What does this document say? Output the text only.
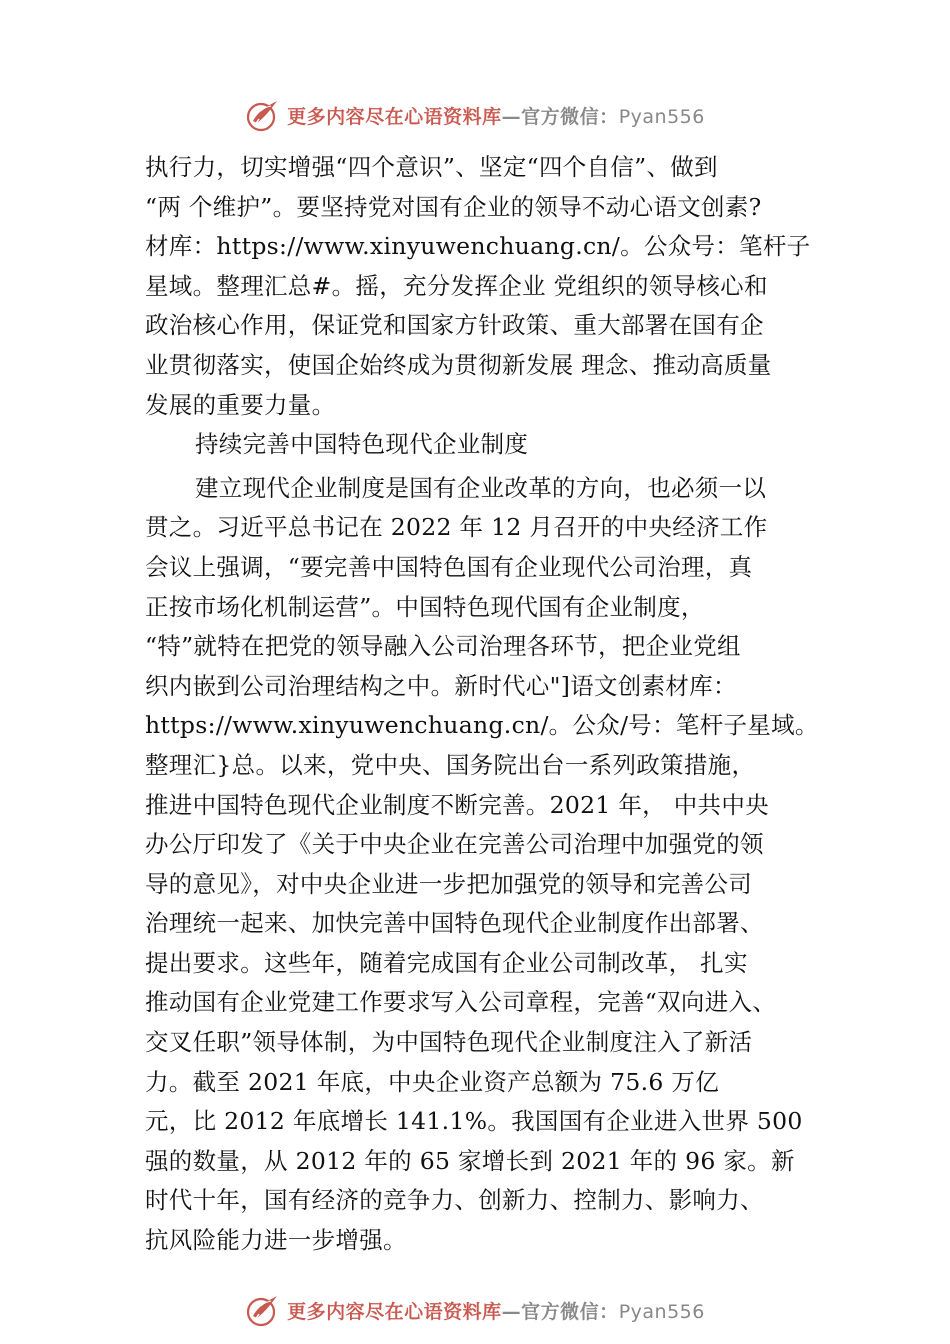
更多内容尽在心语资料库—官方微信：Pyan556
执行力，切实增强“四个意识”、坚定“四个自信”、做到
“两 个维护”。要坚持党对国有企业的领导不动心语文创素?
材库：https://www.xinyuwenchuang.cn/。公众号：笔杆子
星域。整理汇总#。摇，充分发挥企业 党组织的领导核心和
政治核心作用，保证党和国家方针政策、重大部署在国有企
业贯彻落实，使国企始终成为贯彻新发展 理念、推动高质量
发展的重要力量。
持续完善中国特色现代企业制度
建立现代企业制度是国有企业改革的方向，也必须一以
贯之。习近平总书记在 2022 年 12 月召开的中央经济工作
会议上强调，“要完善中国特色国有企业现代公司治理，真
正按市场化机制运营”。中国特色现代国有企业制度，
“特”就特在把党的领导融入公司治理各环节，把企业党组
织内嵌到公司治理结构之中。新时代心"]语文创素材库：
https://www.xinyuwenchuang.cn/。公众/号：笔杆子星域。
整理汇}总。以来，党中央、国务院出台一系列政策措施，
推进中国特色现代企业制度不断完善。2021 年， 中共中央
办公厅印发了《关于中央企业在完善公司治理中加强党的领
导的意见》，对中央企业进一步把加强党的领导和完善公司
治理统一起来、加快完善中国特色现代企业制度作出部署、
提出要求。这些年，随着完成国有企业公司制改革， 扎实
推动国有企业党建工作要求写入公司章程，完善“双向进入、
交叉任职”领导体制，为中国特色现代企业制度注入了新活
力。截至 2021 年底，中央企业资产总额为 75.6 万亿
元，比 2012 年底增长 141.1%。我国国有企业进入世界 500
强的数量，从 2012 年的 65 家增长到 2021 年的 96 家。新
时代十年，国有经济的竞争力、创新力、控制力、影响力、
抗风险能力进一步增强。
更多内容尽在心语资料库—官方微信：Pyan556
